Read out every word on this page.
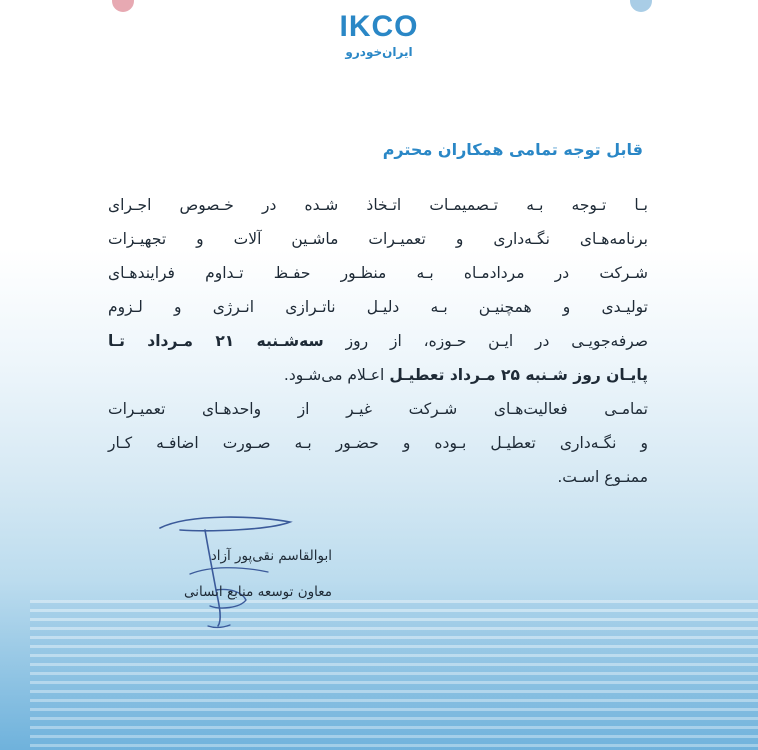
IKCO
ایران‌خودرو

قابل توجه تمامی همکاران محترم

بـا تـوجه بـه تـصمیمـات اتـخاذ شـده در خـصوص اجـرای
برنامه‌هـای نگـه‌داری و تعمیـرات ماشـین آلات و تجهیـزات
شـرکت در مردادمـاه بـه منظـور حفـظ تـداوم فرایندهـای
تولیـدی و همچنیـن بـه دلیـل ناتـرازی انـرژی و لـزوم
صرفه‌جویـی در ایـن حـوزه، از روز سه‌شـنبه ۲۱ مـرداد تـا
پایـان روز شـنبه ۲۵ مـرداد تعطیـل اعـلام می‌شـود.
تمامـی فعالیت‌هـای شـرکت غیـر از واحدهـای تعمیـرات
و نگـه‌داری تعطیـل بـوده و حضـور بـه صـورت اضافـه کـار
ممنـوع اسـت.

ابوالقاسم نقی‌پور آزاد

معاون توسعه منابع انسانی
